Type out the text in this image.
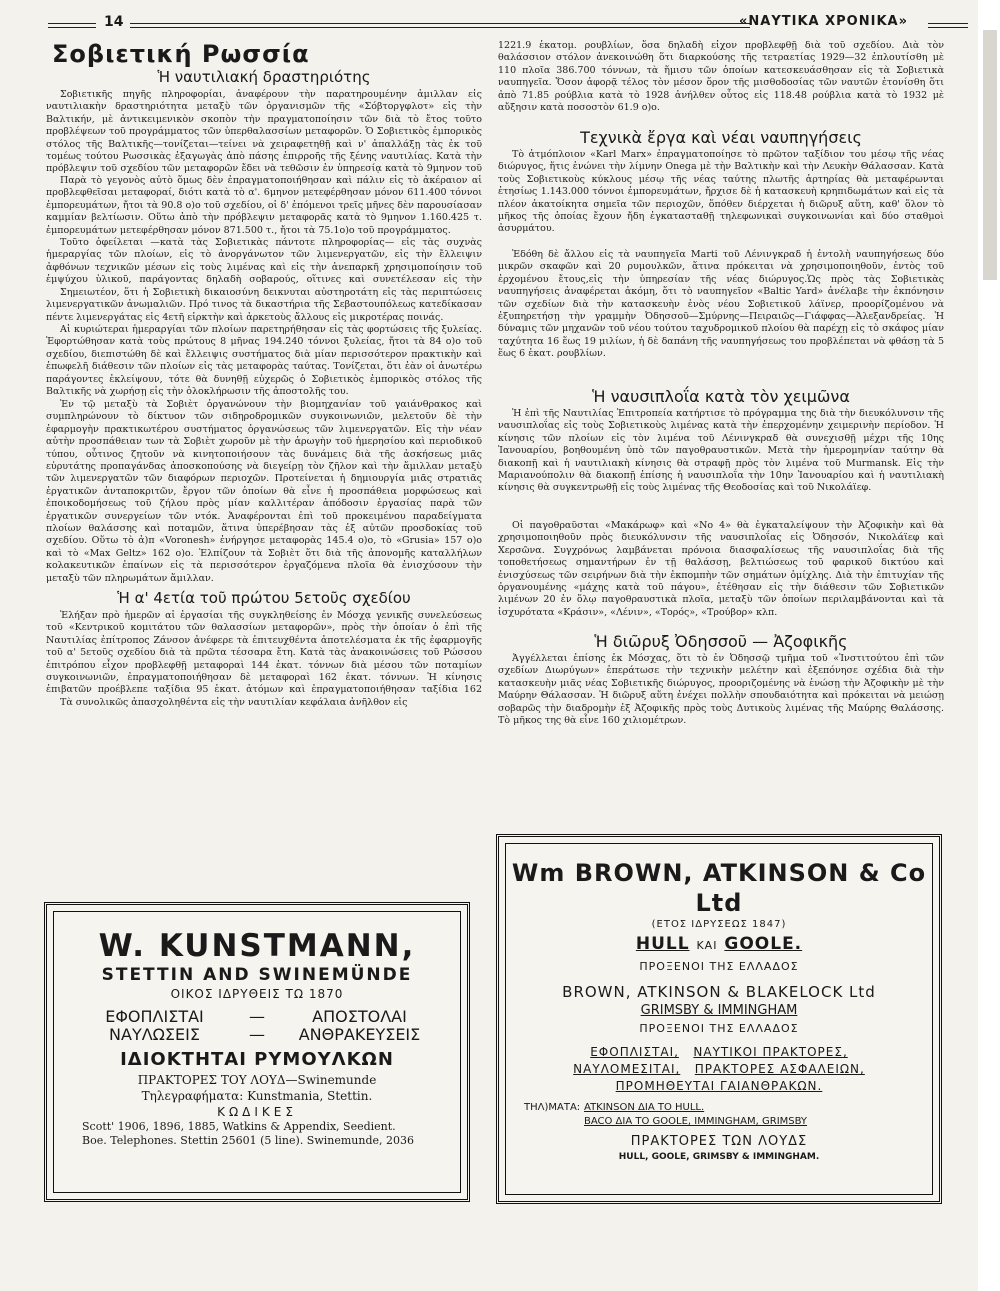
14	«ΝΑΥΤΙΚΑ ΧΡΟΝΙΚΑ»
Σοβιετική Ρωσσία
Ἡ ναυτιλιακή δραστηριότης

Σοβιετικῆς πηγῆς πληροφορίαι, ἀναφέρουν τὴν παρατηρουμένην ἁμιλλαν εἰς ναυτιλιακὴν δραστηριότητα μεταξὺ τῶν ὀργανισμῶν τῆς «Σόβτοργφλοτ» εἰς τὴν Βαλτικήν, μὲ ἀντικειμενικὸν σκοπὸν τὴν πραγματοποίησιν τῶν διὰ τὸ ἔτος τοῦτο προβλέψεων τοῦ προγράμματος τῶν ὑπερθαλασσίων μεταφορῶν. Ὁ Σοβιετικὸς ἐμπορικὸς στόλος τῆς Βαλτικῆς—τονίζεται—τείνει νὰ χειραφετηθῇ καὶ ν' ἀπαλλάξῃ τὰς ἐκ τοῦ τομέως τούτου Ρωσσικὰς ἐξαγωγὰς ἀπὸ πάσης ἐπιρροῆς τῆς ξένης ναυτιλίας. Κατὰ τὴν πρόβλεψιν τοῦ σχεδίου τῶν μεταφορῶν ἔδει νὰ τεθῶσιν ἐν ὑπηρεσίᾳ κατὰ τὸ 9μηνον τοῦ

Παρὰ τὸ γεγονὸς αὐτὸ ὅμως δὲν ἐπραγματοποιήθησαν καὶ πάλιν εἰς τὸ ἀκέραιον αἱ προβλεφθεῖσαι μεταφοραί, διότι κατὰ τὸ α'. 6μηνον μετεφέρθησαν μόνον 611.400 τόννοι ἐμπορευμάτων, ἤτοι τὰ 90.8 ο)ο τοῦ σχεδίου, οἱ δ' ἑπόμενοι τρεῖς μῆνες δὲν παρουσίασαν καμμίαν βελτίωσιν. Οὕτω ἀπὸ τὴν πρόβλεψιν μεταφορᾶς κατὰ τὸ 9μηνον 1.160.425 τ. ἐμπορευμάτων μετεφέρθησαν μόνον 871.500 τ., ἤτοι τὰ 75.1ο)ο τοῦ προγράμματος.

Τοῦτο ὀφείλεται —κατὰ τὰς Σοβιετικὰς πάντοτε πληροφορίας— εἰς τὰς συχνὰς ἡμεραργίας τῶν πλοίων, εἰς τὸ ἀνοργάνωτον τῶν λιμενεργατῶν, εἰς τὴν ἔλλειψιν ἀφθόνων τεχνικῶν μέσων εἰς τοὺς λιμένας καὶ εἰς τὴν ἀνεπαρκῆ χρησιμοποίησιν τοῦ ἐμψύχου ὑλικοῦ, παράγοντας δηλαδὴ σοβαρούς, οἵτινες καὶ συνετέλεσαν εἰς τὴν

Σημειωτέον, ὅτι ἡ Σοβιετικὴ δικαιοσύνη δεικνυται αὐστηροτάτη εἰς τὰς περιπτώσεις λιμενεργατικῶν ἀνωμαλιῶν. Πρό τινος τὰ δικαστήρια τῆς Σεβαστουπόλεως κατεδίκασαν πέντε λιμενεργάτας εἰς 4ετῆ εἱρκτὴν καὶ ἀρκετοὺς ἄλλους εἰς μικροτέρας ποινάς.

Αἱ κυριώτεραι ἡμεραργίαι τῶν πλοίων παρετηρήθησαν εἰς τὰς φορτώσεις τῆς ξυλείας. Ἐφορτώθησαν κατὰ τοὺς πρώτους 8 μῆνας 194.240 τόννοι ξυλείας, ἤτοι τὰ 84 ο)ο τοῦ σχεδίου, διεπιστώθη δὲ καὶ ἔλλειψις συστήματος διὰ μίαν περισσότερον πρακτικὴν καὶ ἐπωφελῆ διάθεσιν τῶν πλοίων εἰς τὰς μεταφορὰς ταύτας. Τονίζεται, ὅτι ἐὰν οἱ ἀνωτέρω παράγοντες ἐκλείψουν, τότε θὰ δυνηθῇ εὐχερῶς ὁ Σοβιετικὸς ἐμπορικὸς στόλος τῆς Βαλτικῆς νὰ χωρήσῃ εἰς τὴν ὁλοκλήρωσιν τῆς ἀποστολῆς του.

Ἐν τῷ μεταξὺ τὰ Σοβιὲτ ὀργανώνουν τὴν βιομηχανίαν τοῦ γαιάνθρακος καὶ συμπληρώνουν τὸ δίκτυον τῶν σιδηροδρομικῶν συγκοινωνιῶν, μελετοῦν δὲ τὴν ἐφαρμογὴν πρακτικωτέρου συστήματος ὀργανώσεως τῶν λιμενεργατῶν. Εἰς τὴν νέαν αὐτὴν προσπάθειαν των τὰ Σοβιὲτ χωροῦν μὲ τὴν ἀρωγὴν τοῦ ἡμερησίου καὶ περιοδικοῦ τύπου, οὗτινος ζητοῦν νὰ κινητοποιήσουν τὰς δυνάμεις διὰ τῆς ἀσκήσεως μιᾶς εὐρυτάτης προπαγάνδας ἀποσκοπούσης νὰ διεγείρῃ τὸν ζῆλον καὶ τὴν ἅμιλλαν μεταξὺ τῶν λιμενεργατῶν τῶν διαφόρων περιοχῶν. Προτείνεται ἡ δημιουργία μιᾶς στρατιᾶς ἐργατικῶν ἀνταποκριτῶν, ἔργον τῶν ὁποίων θὰ εἶνε ἡ προσπάθεια μορφώσεως καὶ ἐποικοδομήσεως τοῦ ζήλου πρὸς μίαν καλλιτέραν ἀπόδοσιν ἐργασίας παρὰ τῶν ἐργατικῶν συνεργείων τῶν ντόκ. Ἀναφέρονται ἐπὶ τοῦ προκειμένου παραδείγματα πλοίων θαλάσσης καὶ ποταμῶν, ἅτινα ὑπερέβησαν τὰς ἐξ αὐτῶν προσδοκίας τοῦ σχεδίου. Οὕτω τὸ ἀ)π «Voronesh» ἐνήργησε μεταφορὰς 145.4 ο)ο, τὸ «Grusia» 157 ο)ο καὶ τὸ «Max Geltz» 162 ο)ο. Ἐλπίζουν τὰ Σοβιὲτ ὅτι διὰ τῆς ἀπονομῆς καταλλήλων κολακευτικῶν ἐπαίνων εἰς τὰ περισσότερον ἐργαζόμενα πλοῖα θὰ ἐνισχύσουν τὴν μεταξὺ τῶν πληρωμάτων ἅμιλλαν.

Ἡ α' 4ετία τοῦ πρώτου 5ετοῦς σχεδίου

Ἐλήξαν πρὸ ἡμερῶν αἱ ἐργασίαι τῆς συγκληθείσης ἐν Μόσχᾳ γενικῆς συνελεύσεως τοῦ «Κεντρικοῦ κομιτάτου τῶν θαλασσίων μεταφορῶν», πρὸς τὴν ὁποίαν ὁ ἐπὶ τῆς Ναυτιλίας ἐπίτροπος Ζάνσον ἀνέφερε τὰ ἐπιτευχθέντα ἀποτελέσματα ἐκ τῆς ἐφαρμογῆς τοῦ α' 5ετοῦς σχεδίου διὰ τὰ πρῶτα τέσσαρα ἔτη. Κατὰ τὰς ἀνακοινώσεις τοῦ Ρώσσου ἐπιτρόπου εἶχον προβλεφθῇ μεταφοραὶ 144 ἑκατ. τόννων διὰ μέσου τῶν ποταμίων συγκοινωνιῶν, ἐπραγματοποιήθησαν δὲ μεταφοραὶ 162 ἑκατ. τόννων. Ἡ κίνησις ἐπιβατῶν προέβλεπε ταξίδια 95 ἑκατ. ἀτόμων καὶ ἐπραγματοποιήθησαν ταξίδια 162

Τὰ συνολικῶς ἀπασχοληθέντα εἰς τὴν ναυτιλίαν κεφάλαια ἀνῆλθον εἰς

1221.9 ἑκατομ. ρουβλίων, ὅσα δηλαδὴ εἶχον προβλεφθῇ διὰ τοῦ σχεδίου. Διὰ τὸν θαλάσσιον στόλον ἀνεκοινώθη ὅτι διαρκούσης τῆς τετραετίας 1929—32 ἐπλουτίσθη μὲ 110 πλοῖα 386.700 τόννων, τὰ ἥμισυ τῶν ὁποίων κατεσκευάσθησαν εἰς τὰ Σοβιετικὰ ναυπηγεῖα. Ὅσον ἀφορᾷ τέλος τὸν μέσον ὅρον τῆς μισθοδοσίας τῶν ναυτῶν ἐτονίσθη ὅτι ἀπὸ 71.85 ρούβλια κατὰ τὸ 1928 ἀνήλθεν οὗτος εἰς 118.48 ρούβλια κατὰ τὸ 1932 μὲ αὔξησιν κατὰ ποσοστὸν 61.9 ο)ο.

Τεχνικὰ ἔργα καὶ νέαι ναυπηγήσεις

Τὸ ἀτμόπλοιον «Karl Marx» ἐπραγματοποίησε τὸ πρῶτον ταξίδιον του μέσῳ τῆς νέας διώρυγος, ἥτις ἑνώνει τὴν λίμνην Onega μὲ τὴν Βαλτικὴν καὶ τὴν Λευκὴν Θάλασσαν. Κατὰ τοὺς Σοβιετικοὺς κύκλους μέσῳ τῆς νέας ταύτης πλωτῆς ἀρτηρίας θὰ μεταφέρωνται ἐτησίως 1.143.000 τόννοι ἐμπορευμάτων, ἤρχισε δὲ ἡ κατασκευὴ κρηπιδωμάτων καὶ εἰς τὰ πλέον ἀκατοίκητα σημεῖα τῶν περιοχῶν, ὅπόθεν διέρχεται ἡ διῶρυξ αὕτη, καθ' ὅλον τὸ μῆκος τῆς ὁποίας ἔχουν ἤδη ἐγκατασταθῇ τηλεφωνικαὶ συγκοινωνίαι καὶ δύο σταθμοὶ ἀσυρμάτου.

Ἐδόθη δὲ ἄλλου εἰς τὰ ναυπηγεῖα Marti τοῦ Λένινγκραδ ἡ ἐντολὴ ναυπηγήσεως δύο μικρῶν σκαφῶν καὶ 20 ρυμουλκῶν, ἅτινα πρόκειται νὰ χρησιμοποιηθοῦν, ἐντὸς τοῦ ἐρχομένου ἔτους,εἰς τὴν ὑπηρεσίαν τῆς νέας διώρυγος.Ὡς πρὸς τὰς Σοβιετικὰς ναυπηγήσεις ἀναφέρεται ἀκόμη, ὅτι τὸ ναυπηγεῖον «Baltic Yard» ἀνέλαβε τὴν ἐκπόνησιν τῶν σχεδίων διὰ τὴν κατασκευὴν ἑνὸς νέου Σοβιετικοῦ λάϊνερ, προορίζομένου νὰ ἐξυπηρετήσῃ τὴν γραμμὴν Ὀδησσοῦ—Σμύρνης—Πειραιῶς—Γιάφφας—Ἀλεξανδρείας. Ἡ δύναμις τῶν μηχανῶν τοῦ νέου τούτου ταχυδρομικοῦ πλοίου θὰ παρέχῃ εἰς τὸ σκάφος μίαν ταχύτητα 16 ἕως 19 μιλίων, ἡ δὲ δαπάνη τῆς ναυπηγήσεως του προβλέπεται νὰ φθάσῃ τὰ 5 ἕως 6 ἑκατ. ρουβλίων.

Ἡ ναυσιπλοΐα κατὰ τὸν χειμῶνα

Ἡ ἐπὶ τῆς Ναυτιλίας Ἐπιτροπεία κατήρτισε τὸ πρόγραμμα της διὰ τὴν διευκόλυνσιν τῆς ναυσιπλοΐας εἰς τοὺς Σοβιετικοὺς λιμένας κατὰ τὴν ἐπερχομένην χειμερινὴν περίοδον. Ἡ κίνησις τῶν πλοίων εἰς τὸν λιμένα τοῦ Λένινγκραδ θὰ συνεχισθῇ μέχρι τῆς 10ης Ἰανουαρίου, βοηθουμένη ὑπὸ τῶν παγοθραυστικῶν. Μετὰ τὴν ἡμερομηνίαν ταύτην θὰ διακοπῇ καὶ ἡ ναυτιλιακὴ κίνησις θὰ στραφῇ πρὸς τὸν λιμένα τοῦ Murmansk. Εἰς τὴν Μαριανούπολιν θὰ διακοπῇ ἐπίσης ἡ ναυσιπλοΐα τὴν 10ην Ἰανουαρίου καὶ ἡ ναυτιλιακὴ κίνησις θὰ συγκεντρωθῇ εἰς τοὺς λιμένας τῆς Θεοδοσίας καὶ τοῦ Νικολάϊεφ.

Οἱ παγοθραῦσται «Μακάρωφ» καὶ «Νο 4» θὰ ἐγκαταλείψουν τὴν Ἀζοφικὴν καὶ θὰ χρησιμοποιηθοῦν πρὸς διευκόλυνσιν τῆς ναυσιπλοΐας εἰς Ὀδησσόν, Νικολάϊεφ καὶ Χερσῶνα. Συγχρόνως λαμβάνεται πρόνοια διασφαλίσεως τῆς ναυσιπλοΐας διὰ τῆς τοποθετήσεως σημαντήρων ἐν τῇ θαλάσσῃ, βελτιώσεως τοῦ φαρικοῦ δικτύου καὶ ἐνισχύσεως τῶν σειρήνων διὰ τὴν ἐκπομπὴν τῶν σημάτων ὁμίχλης. Διὰ τὴν ἐπιτυχίαν τῆς ὀργανουμένης «μάχης κατὰ τοῦ πάγου», ἐτέθησαν εἰς τὴν διάθεσιν τῶν Σοβιετικῶν λιμένων 20 ἐν ὅλῳ παγοθραυστικὰ πλοῖα, μεταξὺ τῶν ὁποίων περιλαμβάνονται καὶ τὰ ἰσχυρότατα «Κράσιν», «Λένιν», «Τορός», «Τρούβορ» κλπ.

Ἡ διῶρυξ Ὀδησσοῦ — Ἀζοφικῆς

Ἀγγέλλεται ἐπίσης ἐκ Μόσχας, ὅτι τὸ ἐν Ὀδησσῷ τμῆμα τοῦ «Ἰνστιτούτου ἐπὶ τῶν σχεδίων Διωρύγων» ἐπεράτωσε τὴν τεχνικὴν μελέτην καὶ ἐξεπόνησε σχέδια διὰ τὴν κατασκευὴν μιᾶς νέας Σοβιετικῆς διώρυγος, προοριζομένης νὰ ἑνώσῃ τὴν Ἀζοφικὴν μὲ τὴν Μαύρην Θάλασσαν. Ἡ διῶρυξ αὕτη ἐνέχει πολλὴν σπουδαιότητα καὶ πρόκειται νὰ μειώσῃ σοβαρῶς τὴν διαδρομὴν ἐξ Ἀζοφικῆς πρὸς τοὺς Δυτικοὺς λιμένας τῆς Μαύρης Θαλάσσης. Τὸ μῆκος της θὰ εἶνε 160 χιλιομέτρων.

W. KUNSTMANN,
STETTIN AND SWINEMÜNDE
ΟΙΚΟΣ ΙΔΡΥΘΕΙΣ ΤΩ 1870
ΕΦΟΠΛΙΣΤΑΙ	—	ΑΠΟΣΤΟΛΑΙ
ΝΑΥΛΩΣΕΙΣ	—	ΑΝΘΡΑΚΕΥΣΕΙΣ
ΙΔΙΟΚΤΗΤΑΙ ΡΥΜΟΥΛΚΩΝ
ΠΡΑΚΤΟΡΕΣ ΤΟΥ ΛΟΥΔ—Swinemunde
Τηλεγραφήματα: Kunstmania, Stettin.
ΚΩΔΙΚΕΣ
Scott' 1906, 1896, 1885, Watkins & Appendix, Seedient.
Boe. Telephones. Stettin 25601 (5 line). Swinemunde, 2036
Wm BROWN, ATKINSON & Co Ltd
(ΕΤΟΣ ΙΔΡΥΣΕΩΣ 1847)
HULL ΚΑΙ GOOLE.
ΠΡΟΞΕΝΟΙ ΤΗΣ ΕΛΛΑΔΟΣ
BROWN, ATKINSON & BLAKELOCK Ltd
GRIMSBY & IMMINGHAM
ΠΡΟΞΕΝΟΙ ΤΗΣ ΕΛΛΑΔΟΣ
ΕΦΟΠΛΙΣΤΑΙ, ΝΑΥΤΙΚΟΙ ΠΡΑΚΤΟΡΕΣ,
ΝΑΥΛΟΜΕΣΙΤΑΙ, ΠΡΑΚΤΟΡΕΣ ΑΣΦΑΛΕΙΩΝ,
ΠΡΟΜΗΘΕΥΤΑΙ ΓΑΙΑΝΘΡΑΚΩΝ.
ΤΗΛ)ΜΑΤΑ: ATKINSON ΔΙΑ ΤΟ HULL.
BACO ΔΙΑ ΤΟ GOOLE, IMMINGHAM, GRIMSBY
ΠΡΑΚΤΟΡΕΣ ΤΩΝ ΛΟΥΔΣ
HULL, GOOLE, GRIMSBY & IMMINGHAM.
